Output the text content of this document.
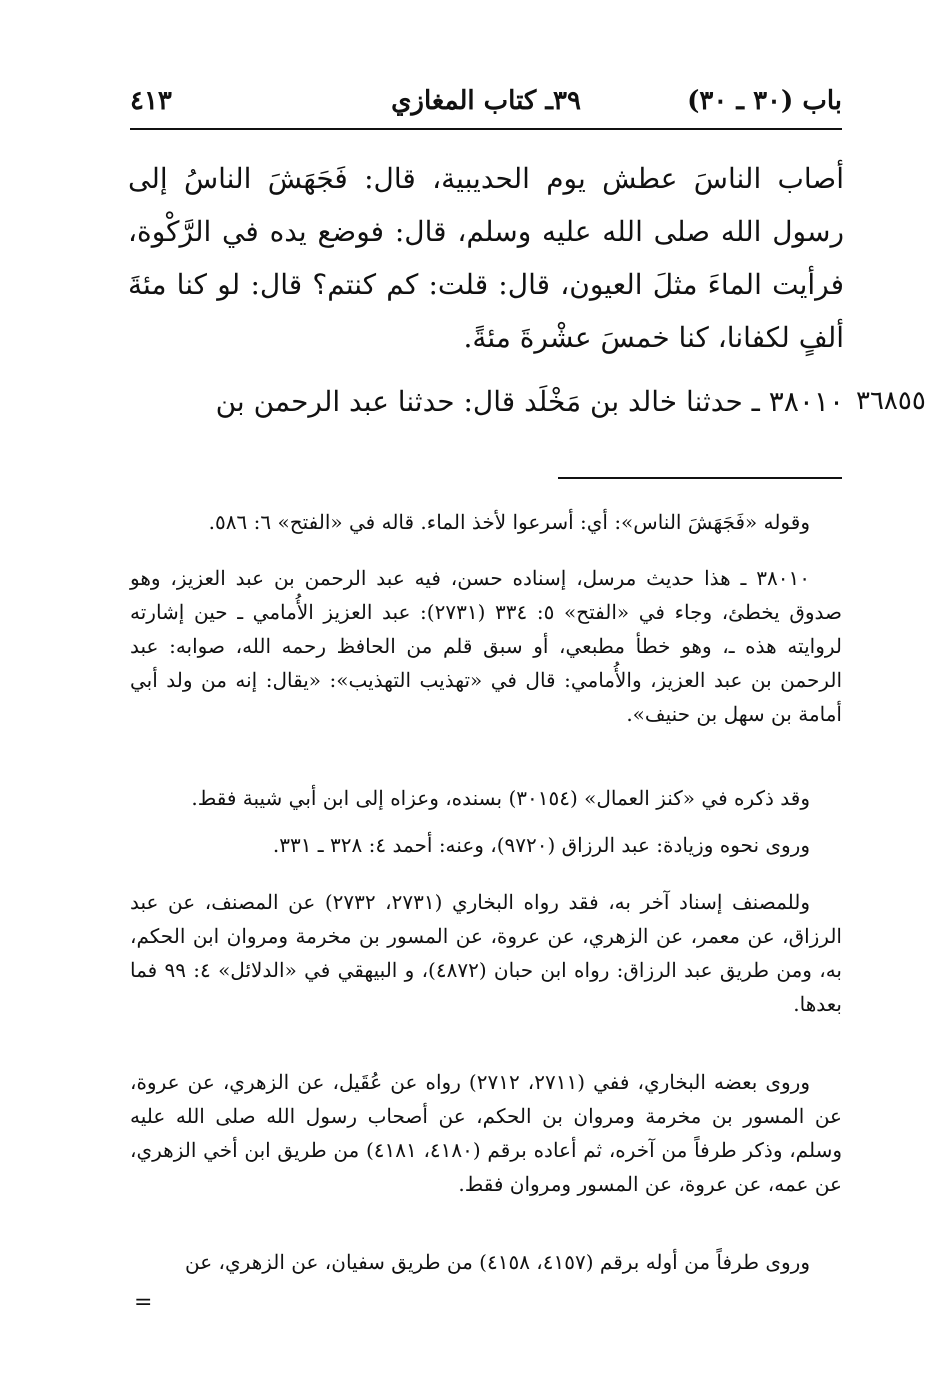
باب (٣٠ ـ ٣٠)
٣٩ـ كتاب المغازي
٤١٣
أصاب الناسَ عطش يوم الحديبية، قال: فَجَهَشَ الناسُ إلى رسول الله صلى الله عليه وسلم، قال: فوضع يده في الرَّكْوة، فرأيت الماءَ مثلَ العيون، قال: قلت: كم كنتم؟ قال: لو كنا مئةَ ألفٍ لكفانا، كنا خمسَ عشْرةَ مئةً.
٣٨٠١٠ ـ حدثنا خالد بن مَخْلَد قال: حدثنا عبد الرحمن بن ٣٦٨٥٥

وقوله «فَجَهَشَ الناس»: أي: أسرعوا لأخذ الماء. قاله في «الفتح» ٦: ٥٨٦.

٣٨٠١٠ ـ هذا حديث مرسل، إسناده حسن، فيه عبد الرحمن بن عبد العزيز، وهو صدوق يخطئ، وجاء في «الفتح» ٥: ٣٣٤ (٢٧٣١): عبد العزيز الأُمامي ـ حين إشارته لروايته هذه ـ، وهو خطأ مطبعي، أو سبق قلم من الحافظ رحمه الله، صوابه: عبد الرحمن بن عبد العزيز، والأُمامي: قال في «تهذيب التهذيب»: «يقال: إنه من ولد أبي أمامة بن سهل بن حنيف».

وقد ذكره في «كنز العمال» (٣٠١٥٤) بسنده، وعزاه إلى ابن أبي شيبة فقط.

وروى نحوه وزيادة: عبد الرزاق (٩٧٢٠)، وعنه: أحمد ٤: ٣٢٨ ـ ٣٣١.

وللمصنف إسناد آخر به، فقد رواه البخاري (٢٧٣١، ٢٧٣٢) عن المصنف، عن عبد الرزاق، عن معمر، عن الزهري، عن عروة، عن المسور بن مخرمة ومروان ابن الحكم، به، ومن طريق عبد الرزاق: رواه ابن حبان (٤٨٧٢)، و البيهقي في «الدلائل» ٤: ٩٩ فما بعدها.

وروى بعضه البخاري، ففي (٢٧١١، ٢٧١٢) رواه عن عُقَيل، عن الزهري، عن عروة، عن المسور بن مخرمة ومروان بن الحكم، عن أصحاب رسول الله صلى الله عليه وسلم، وذكر طرفاً من آخره، ثم أعاده برقم (٤١٨٠، ٤١٨١) من طريق ابن أخي الزهري، عن عمه، عن عروة، عن المسور ومروان فقط.

وروى طرفاً من أوله برقم (٤١٥٧، ٤١٥٨) من طريق سفيان، عن الزهري، عن

=
